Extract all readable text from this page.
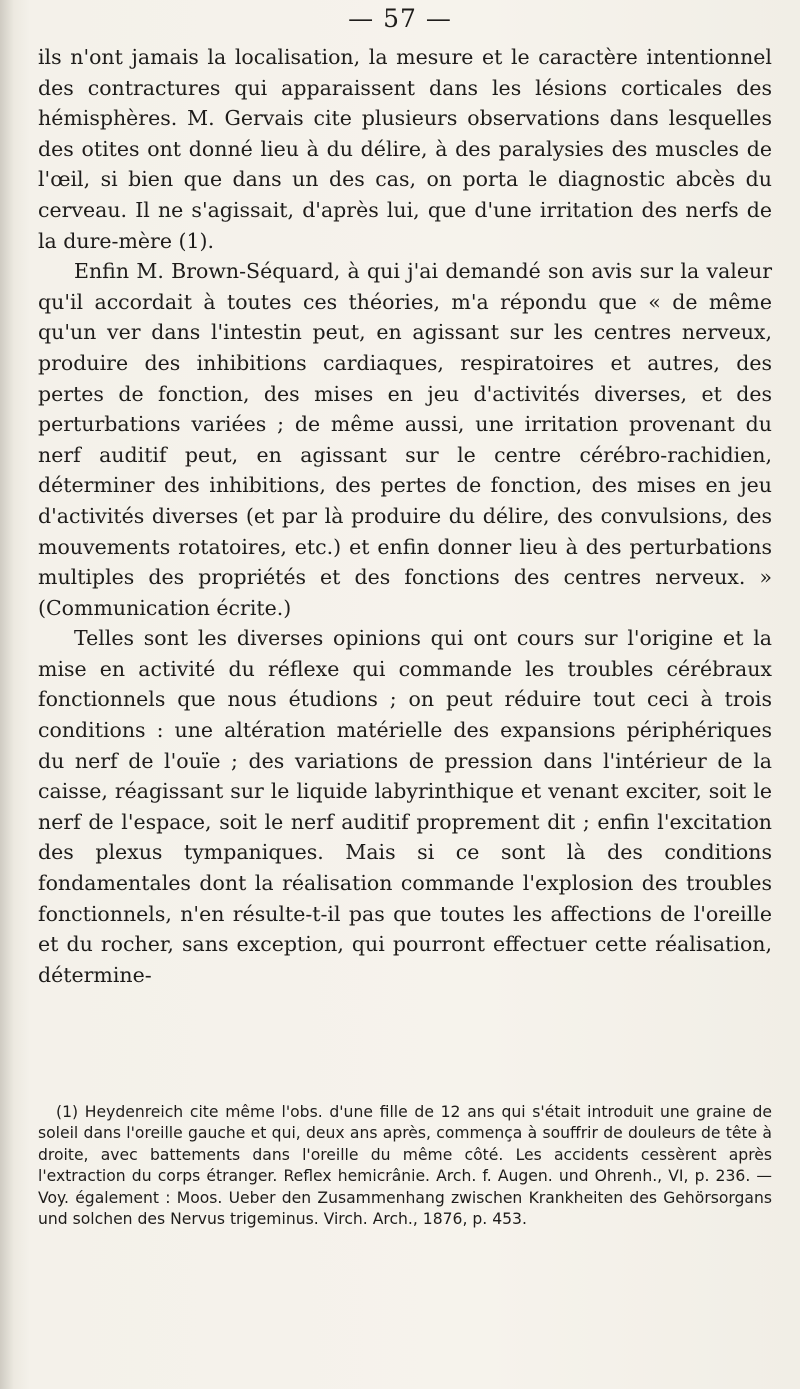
— 57 —

ils n'ont jamais la localisation, la mesure et le caractère intentionnel des contractures qui apparaissent dans les lésions corticales des hémisphères. M. Gervais cite plusieurs observations dans lesquelles des otites ont donné lieu à du délire, à des paralysies des muscles de l'œil, si bien que dans un des cas, on porta le diagnostic abcès du cerveau. Il ne s'agissait, d'après lui, que d'une irritation des nerfs de la dure-mère (1).

Enfin M. Brown-Séquard, à qui j'ai demandé son avis sur la valeur qu'il accordait à toutes ces théories, m'a répondu que « de même qu'un ver dans l'intestin peut, en agissant sur les centres nerveux, produire des inhibitions cardiaques, respiratoires et autres, des pertes de fonction, des mises en jeu d'activités diverses, et des perturbations variées ; de même aussi, une irritation provenant du nerf auditif peut, en agissant sur le centre cérébro-rachidien, déterminer des inhibitions, des pertes de fonction, des mises en jeu d'activités diverses (et par là produire du délire, des convulsions, des mouvements rotatoires, etc.) et enfin donner lieu à des perturbations multiples des propriétés et des fonctions des centres nerveux. » (Communication écrite.)

Telles sont les diverses opinions qui ont cours sur l'origine et la mise en activité du réflexe qui commande les troubles cérébraux fonctionnels que nous étudions ; on peut réduire tout ceci à trois conditions : une altération matérielle des expansions périphériques du nerf de l'ouïe ; des variations de pression dans l'intérieur de la caisse, réagissant sur le liquide labyrinthique et venant exciter, soit le nerf de l'espace, soit le nerf auditif proprement dit ; enfin l'excitation des plexus tympaniques. Mais si ce sont là des conditions fondamentales dont la réalisation commande l'explosion des troubles fonctionnels, n'en résulte-t-il pas que toutes les affections de l'oreille et du rocher, sans exception, qui pourront effectuer cette réalisation, détermine-

(1) Heydenreich cite même l'obs. d'une fille de 12 ans qui s'était introduit une graine de soleil dans l'oreille gauche et qui, deux ans après, commença à souffrir de douleurs de tête à droite, avec battements dans l'oreille du même côté. Les accidents cessèrent après l'extraction du corps étranger. Reflex hemicrânie. Arch. f. Augen. und Ohrenh., VI, p. 236. — Voy. également : Moos. Ueber den Zusammenhang zwischen Krankheiten des Gehörsorgans und solchen des Nervus trigeminus. Virch. Arch., 1876, p. 453.
